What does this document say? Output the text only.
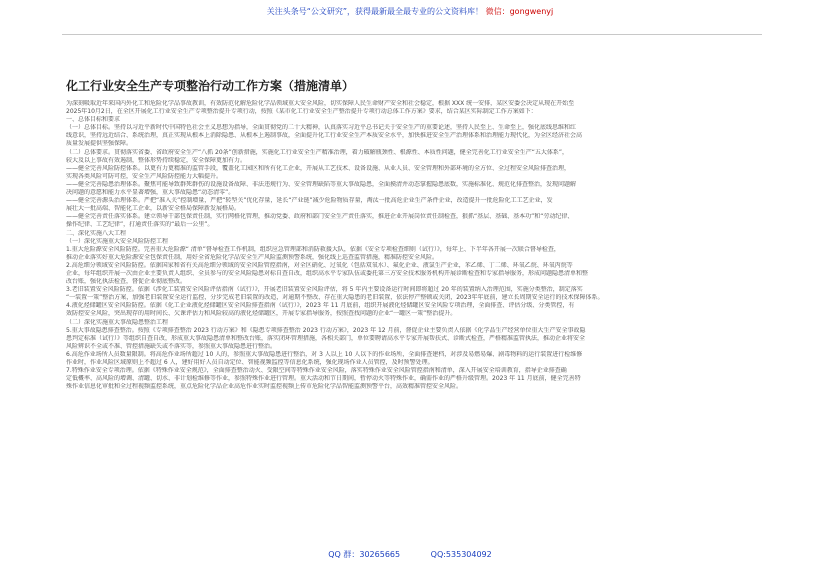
关注头条号“公文研究”，获得最新最全最专业的公文资料库！ 微信：gongwenyj
化工行业安全生产专项整治行动工作方案（措施清单）
为深刻吸取近年来国内外化工和危险化学品事故教训，有效防范化解危险化学品领域重大安全风险，切实保障人民生命财产安全和社会稳定，根据 XXX 统一安排，某区安委会决定从现在开始至
2025年10月2日，在全区开展化工行业安全生产专项整治提升专项行动，按照《某市化工行业安全生产整治提升专项行动总体工作方案》要求，结合某区实际制定工作方案如下：
一、总体目标和要求
（一）总体目标。坚持以习近平新时代中国特色社会主义思想为指导，全面贯彻党的二十大精神，认真落实习近平总书记关于安全生产的重要论述，坚持人民至上、生命至上，强化底线思维和红
线意识，坚持远近结合、系统治理，真正实现从根本上消除隐患、从根本上遏制事故，全面提升化工行业安全生产本质安全水平，加快推进安全生产治理体系和治理能力现代化，为全区经济社会高
质量发展提供坚强保障。
（二）总体要求。贯彻落实省委、省政府安全生产“八抓 20条”创新措施，实施化工行业安全生产精准治理，着力破解瓶颈性、根源性、本质性问题，健全完善化工行业安全生产“五大体系”，
较大及以上事故有效遏制，整体形势持续稳定，安全保障更加有力。
——健全完善风险防控体系。以更有力更精准的监管手段，覆盖化工园区和所有化工企业，开展从工艺技术、设备设施、从业人员、安全管理和外部环境的全方位、全过程安全风险排查治理，
实现各类风险可防可控，安全生产风险防控能力大幅提升。
——健全完善隐患治理体系。聚焦可能导致群死群伤的设施设备故障、非法违规行为、安全管理缺陷等重大事故隐患，全面摸清并动态掌握隐患底数，实施标准化、规范化排查整治，发现问题解
决问题的意愿和能力水平显著增强，重大事故隐患“动态清零”。
——健全完善源头治理体系。严把“准入关”控制增量，严把“转型关”优化存量，延长“产业链”减少危险物质存量，淘汰一批高危企业生产条件企业，改造提升一批危险化工工艺企业，发
展壮大一批高端、智能化工企业，以新安全格局保障新发展格局。
——健全完善责任落实体系。建立领导干部包保责任制，实行网格化管理，推动党委、政府和部门安全生产责任落实，推进企业开展岗位责任制检查，狠抓“基层、基础、基本功”和“劳动纪律、
操作纪律、工艺纪律”，打通责任落实的“最后一公里”。
二、深化实施八大工程
（一）深化实施重大安全风险防控工程
1.重大危险源安全风险防控。完善重大危险源“ 清单”督导检查工作机制，组织应急管理部和消防救援大队，依据《安全专项检查细则（试行）》，每年上、下半年各开展一次联合督导检查，
推动企业落实好重大危险源安全包保责任制，用好全省危险化学品安全生产风险监测预警系统，强化线上巡查监管措施，精准防控安全风险。
2.高危细分领域安全风险防控。依据国家和省有关高危细分领域的安全风险管控指南，对全区硝化、过氧化（包括双氧水）、氟化企业、液氯生产企业，苯乙烯、丁二烯、环氧乙烷、环氧丙烷等
企业，每年组织开展一次由企业主要负责人组织、全员参与的安全风险隐患对标自查自改，组织高水平专家队伍或委托第三方安全技术服务机构开展诊断检查和专家指导服务，形成问题隐患清单和整
改台账，强化执法检查，督促企业彻底整改。
3.老旧装置安全风险防控。依据《涉化工装置安全风险评估指南（试行）》，开展老旧装置安全风险评估，将 5 年内主要设备运行时间即将超过 20 年的装置纳入治理范围，实施分类整治，制定落实
“一装置一策”整治方案，加强老旧装置安全运行监控，分步完成老旧装置的改造，对逾期不整改、存在重大隐患的老旧装置，依法停产整顿或关闭，2023年年底前，建立长周期安全运行的技术保障体系。
4.液化烃储罐区安全风险防控。依据《化工企业液化烃储罐区安全风险排查指南（试行）》，2023 年 11 月底前，组织开展液化烃储罐区安全风险专项治理，全面排查、评估分级、分类管控，有
效防控安全风险，突出现存的用时间长、欠课评估力和风险较高的液化烃储罐区，开展专家指导服务，按照查找问题的企业“一罐区一策”整治提升。
（二）深化实施重大事故隐患整治工程
5.重大事故隐患排查整治。按照《专项排查整治 2023 行动方案》和《隐患专项排查整治 2023 行动方案》，2023 年 12 月前，督促企业主要负责人依据《化学品生产经营单位重大生产安全事故隐
患判定标准（试行）》等组织自查自改，形成重大事故隐患清单和整改台账，落实闭环管理措施，各相关部门，单位要聘请高水平专家开展帮扶式、诊断式检查，严格精准监管执法，推动企业将安全
风险辨识不全或不准、管控措施缺失或不落实等，参照重大事故隐患进行整治。
6.高危作业场所人员数量限制。将高危作业场所超过 10 人的，参照重大事故隐患进行整治，对 3 人以上 10 人以下的作业场所，全面排查建档，对涉及易燃易爆、剧毒物料的运行装置进行检维修
作业时，作业风险区域原则上不超过 6 人，建好用好人员自动定位、智能视频监控等信息化系统，强化现场作业人员管控，及时预警处理。
7.特殊作业安全专项治理。依据《特殊作业安全规范》，全面排查整治动火、受限空间等特殊作业安全风险，落实特殊作业安全风险管控指南和清单，深入开展安全培训教育，指导企业排查确
定低概率、高风险的增调、清罐、切水、非计划检维修等作业，参照特殊作业进行管理。重大活动和节日期间，暂停动火等特殊作业，确需作业的严格升级管理。2023 年 11 月底前，健全完善特
殊作业信息化审批和全过程视频监控系统，重点危险化学品企业高危作业实时监控视频上传市危险化学品智能监测预警平台，高效精准管控安全风险。
QQ 群：30265665	QQ:535304092
